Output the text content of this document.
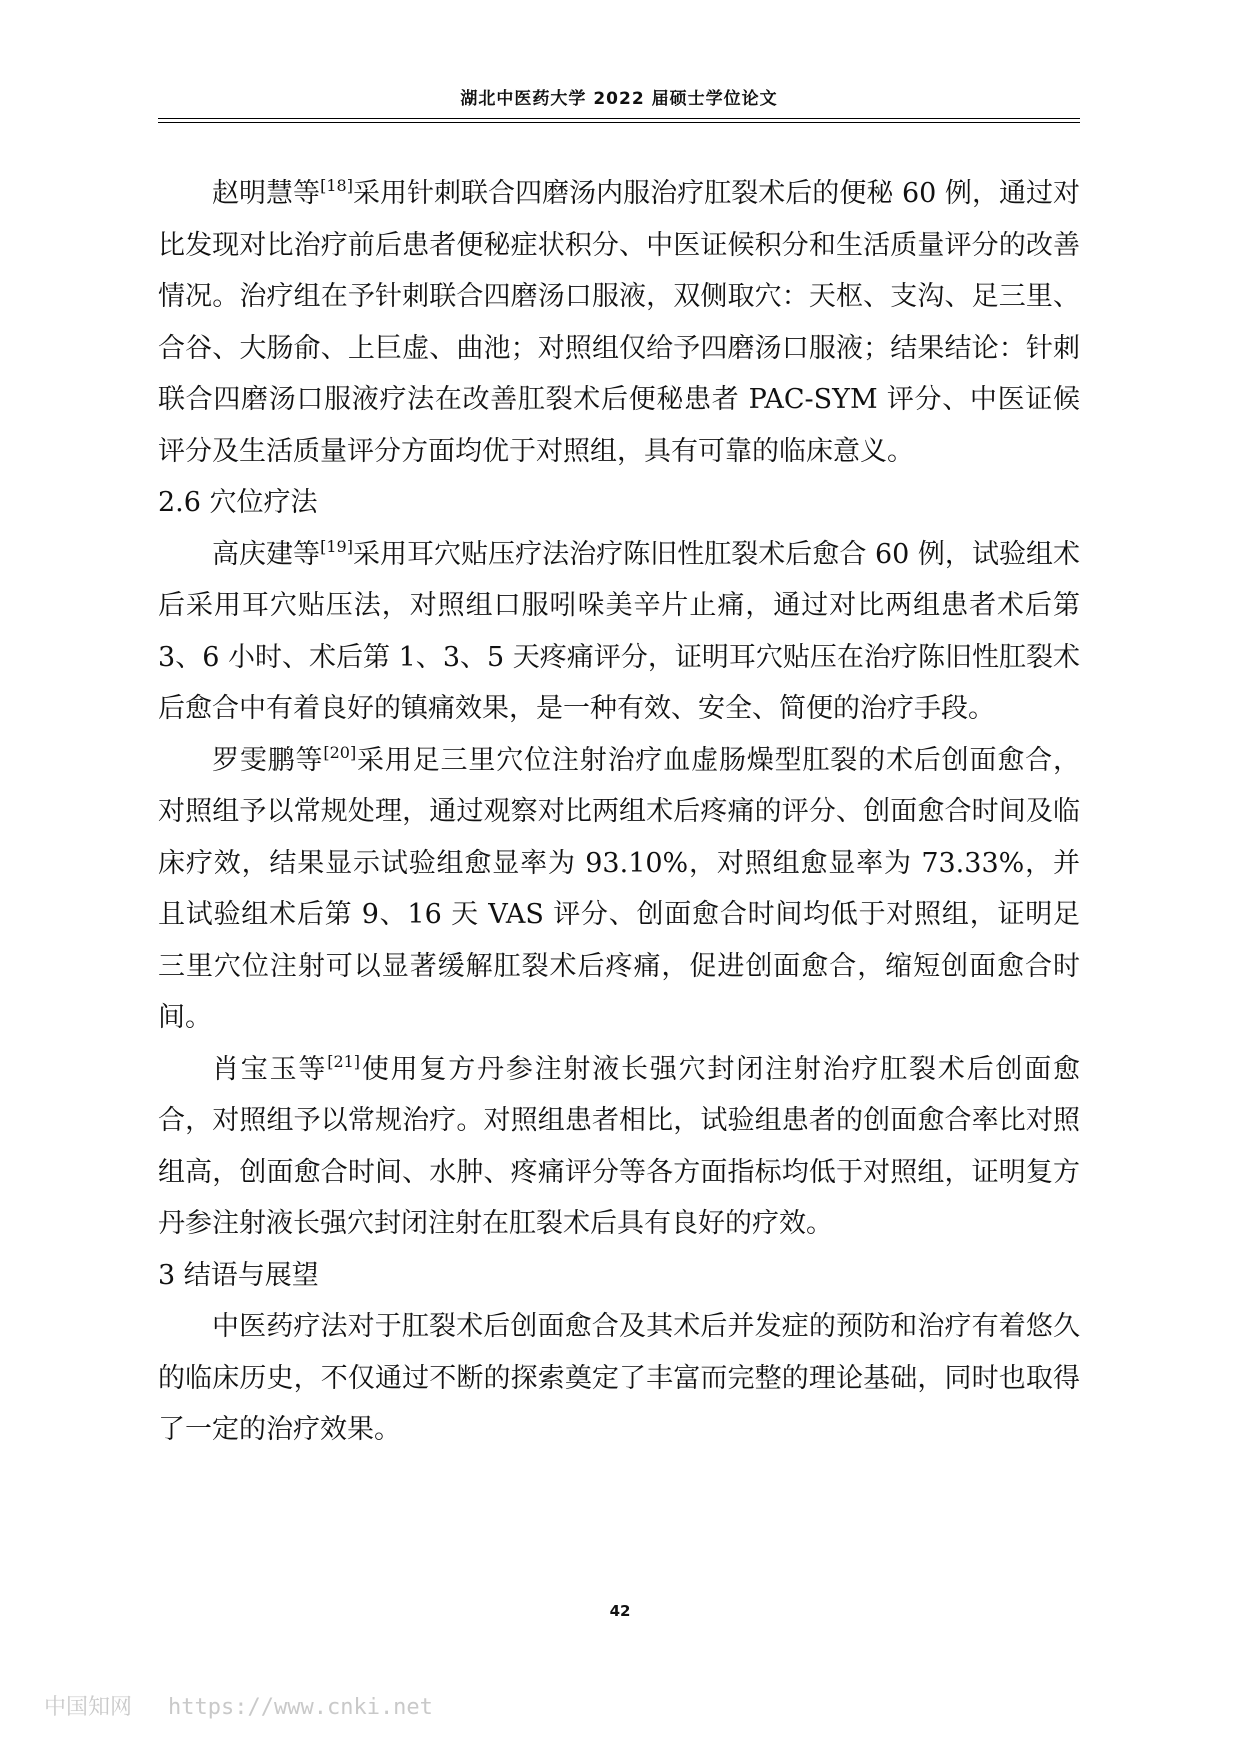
湖北中医药大学 2022 届硕士学位论文

赵明慧等[18]采用针刺联合四磨汤内服治疗肛裂术后的便秘 60 例，通过对比发现对比治疗前后患者便秘症状积分、中医证候积分和生活质量评分的改善情况。治疗组在予针刺联合四磨汤口服液，双侧取穴：天枢、支沟、足三里、合谷、大肠俞、上巨虚、曲池；对照组仅给予四磨汤口服液；结果结论：针刺联合四磨汤口服液疗法在改善肛裂术后便秘患者 PAC-SYM 评分、中医证候评分及生活质量评分方面均优于对照组，具有可靠的临床意义。

2.6 穴位疗法

高庆建等[19]采用耳穴贴压疗法治疗陈旧性肛裂术后愈合 60 例，试验组术后采用耳穴贴压法，对照组口服吲哚美辛片止痛，通过对比两组患者术后第 3、6 小时、术后第 1、3、5 天疼痛评分，证明耳穴贴压在治疗陈旧性肛裂术后愈合中有着良好的镇痛效果，是一种有效、安全、简便的治疗手段。

罗雯鹏等[20]采用足三里穴位注射治疗血虚肠燥型肛裂的术后创面愈合，对照组予以常规处理，通过观察对比两组术后疼痛的评分、创面愈合时间及临床疗效，结果显示试验组愈显率为 93.10%，对照组愈显率为 73.33%，并且试验组术后第 9、16 天 VAS 评分、创面愈合时间均低于对照组，证明足三里穴位注射可以显著缓解肛裂术后疼痛，促进创面愈合，缩短创面愈合时间。

肖宝玉等[21]使用复方丹参注射液长强穴封闭注射治疗肛裂术后创面愈合，对照组予以常规治疗。对照组患者相比，试验组患者的创面愈合率比对照组高，创面愈合时间、水肿、疼痛评分等各方面指标均低于对照组，证明复方丹参注射液长强穴封闭注射在肛裂术后具有良好的疗效。

3 结语与展望

中医药疗法对于肛裂术后创面愈合及其术后并发症的预防和治疗有着悠久的临床历史，不仅通过不断的探索奠定了丰富而完整的理论基础，同时也取得了一定的治疗效果。

42
中国知网 https://www.cnki.net
